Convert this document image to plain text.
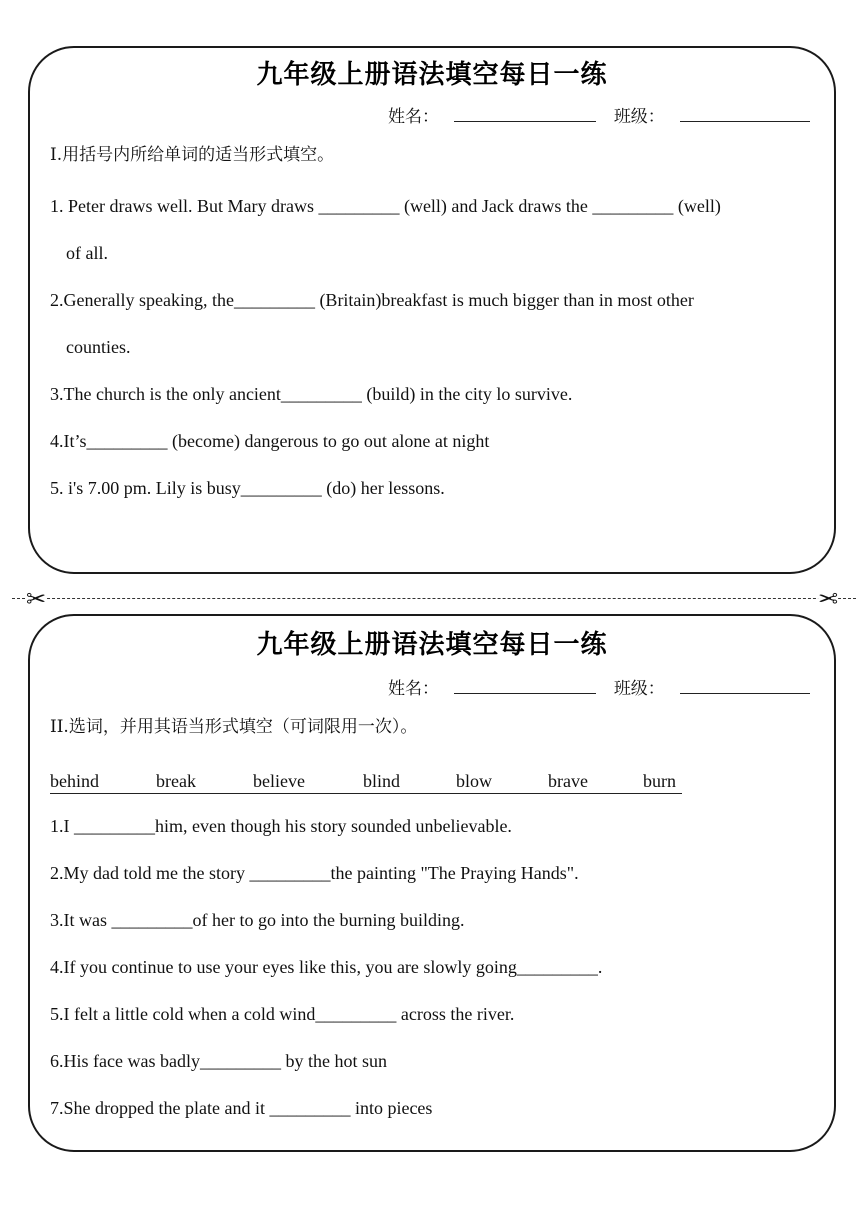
九年级上册语法填空每日一练
姓名：	班级：
I.用括号内所给单词的适当形式填空。
1. Peter draws well. But Mary draws _________ (well) and Jack draws the _________ (well)
of all.
2.Generally speaking, the_________ (Britain)breakfast is much bigger than in most other
counties.
3.The church is the only ancient_________ (build) in the city lo survive.
4.It’s_________ (become) dangerous to go out alone at night
5. i's 7.00 pm. Lily is busy_________ (do) her lessons.
✂	✂
九年级上册语法填空每日一练
姓名：	班级：
II.选词，并用其语当形式填空（可词限用一次）。
behind	break	believe	blind	blow	brave	burn
1.I _________him, even though his story sounded unbelievable.
2.My dad told me the story _________the painting "The Praying Hands".
3.It was _________of her to go into the burning building.
4.If you continue to use your eyes like this, you are slowly going_________.
5.I felt a little cold when a cold wind_________ across the river.
6.His face was badly_________ by the hot sun
7.She dropped the plate and it _________ into pieces
